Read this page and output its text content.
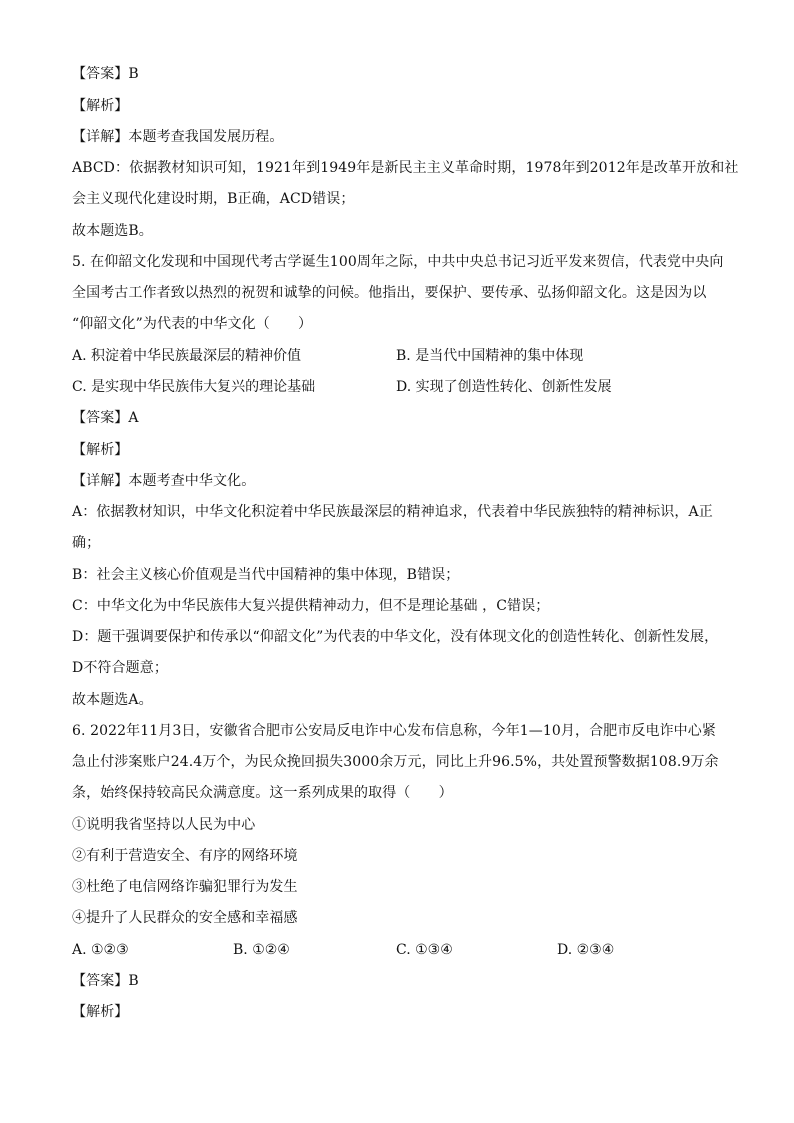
【答案】B
【解析】
【详解】本题考查我国发展历程。
ABCD：依据教材知识可知，1921年到1949年是新民主主义革命时期，1978年到2012年是改革开放和社
会主义现代化建设时期，B正确，ACD错误；
故本题选B。
5. 在仰韶文化发现和中国现代考古学诞生100周年之际，中共中央总书记习近平发来贺信，代表党中央向
全国考古工作者致以热烈的祝贺和诚挚的问候。他指出，要保护、要传承、弘扬仰韶文化。这是因为以
“仰韶文化”为代表的中华文化（　　）
A. 积淀着中华民族最深层的精神价值	B. 是当代中国精神的集中体现
C. 是实现中华民族伟大复兴的理论基础	D. 实现了创造性转化、创新性发展
【答案】A
【解析】
【详解】本题考查中华文化。
A：依据教材知识，中华文化积淀着中华民族最深层的精神追求，代表着中华民族独特的精神标识，A正
确；
B：社会主义核心价值观是当代中国精神的集中体现，B错误；
C：中华文化为中华民族伟大复兴提供精神动力，但不是理论基础 ，C错误；
D：题干强调要保护和传承以“仰韶文化”为代表的中华文化，没有体现文化的创造性转化、创新性发展，
D不符合题意；
故本题选A。
6. 2022年11月3日，安徽省合肥市公安局反电诈中心发布信息称，今年1—10月，合肥市反电诈中心紧
急止付涉案账户24.4万个，为民众挽回损失3000余万元，同比上升96.5%，共处置预警数据108.9万余
条，始终保持较高民众满意度。这一系列成果的取得（　　）
①说明我省坚持以人民为中心
②有利于营造安全、有序的网络环境
③杜绝了电信网络诈骗犯罪行为发生
④提升了人民群众的安全感和幸福感
A. ①②③	B. ①②④	C. ①③④	D. ②③④
【答案】B
【解析】
